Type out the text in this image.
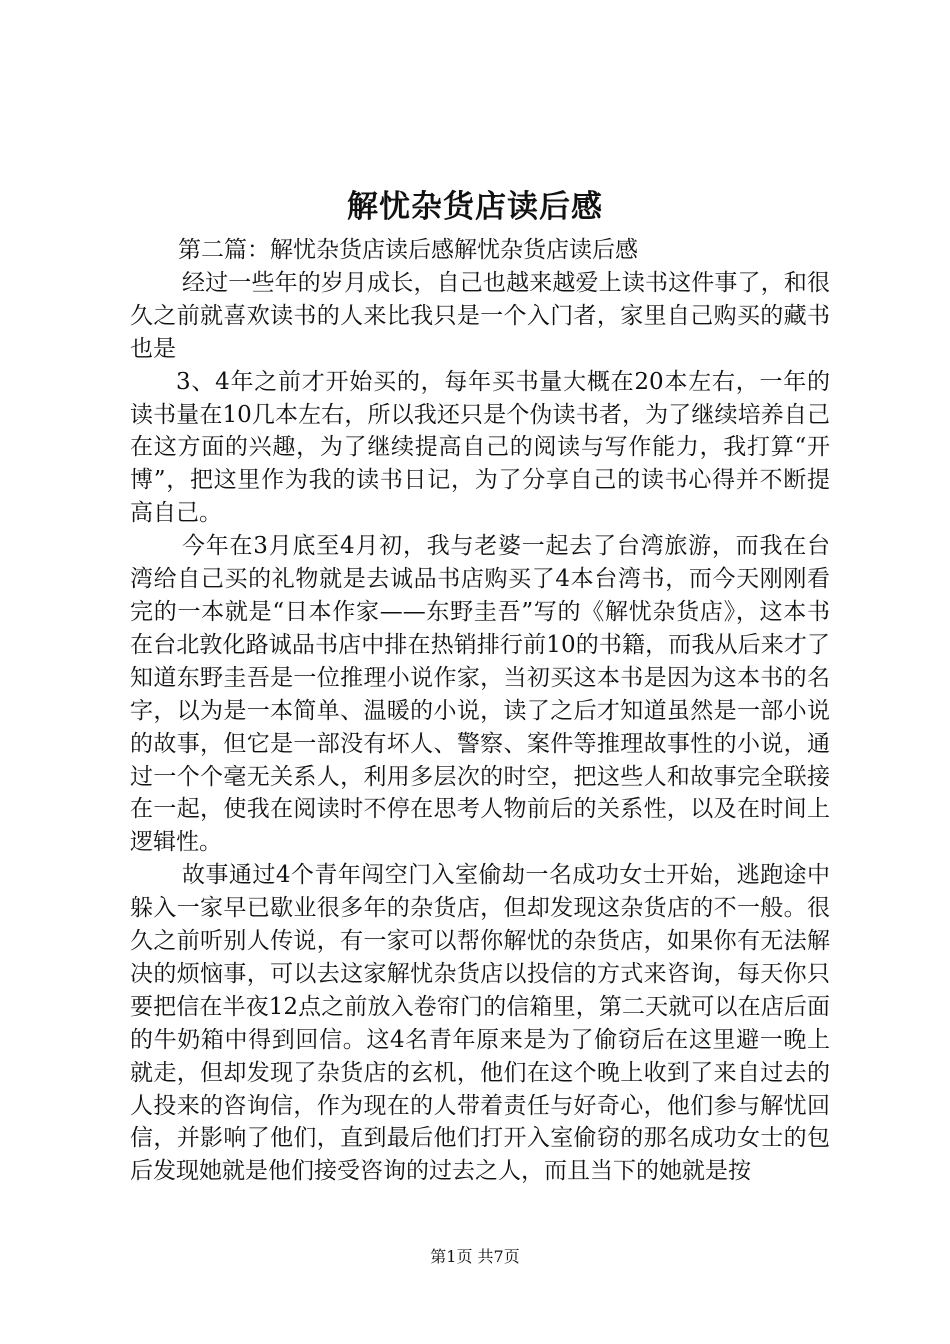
解忧杂货店读后感

第二篇：解忧杂货店读后感解忧杂货店读后感

经过一些年的岁月成长，自己也越来越爱上读书这件事了，和很久之前就喜欢读书的人来比我只是一个入门者，家里自己购买的藏书也是

3、4年之前才开始买的，每年买书量大概在20本左右，一年的读书量在10几本左右，所以我还只是个伪读书者，为了继续培养自己在这方面的兴趣，为了继续提高自己的阅读与写作能力，我打算“开博”，把这里作为我的读书日记，为了分享自己的读书心得并不断提高自己。

今年在3月底至4月初，我与老婆一起去了台湾旅游，而我在台湾给自己买的礼物就是去诚品书店购买了4本台湾书，而今天刚刚看完的一本就是“日本作家——东野圭吾”写的《解忧杂货店》，这本书在台北敦化路诚品书店中排在热销排行前10的书籍，而我从后来才了知道东野圭吾是一位推理小说作家，当初买这本书是因为这本书的名字，以为是一本简单、温暖的小说，读了之后才知道虽然是一部小说的故事，但它是一部没有坏人、警察、案件等推理故事性的小说，通过一个个毫无关系人，利用多层次的时空，把这些人和故事完全联接在一起，使我在阅读时不停在思考人物前后的关系性，以及在时间上逻辑性。

故事通过4个青年闯空门入室偷劫一名成功女士开始，逃跑途中躲入一家早已歇业很多年的杂货店，但却发现这杂货店的不一般。很久之前听别人传说，有一家可以帮你解忧的杂货店，如果你有无法解决的烦恼事，可以去这家解忧杂货店以投信的方式来咨询，每天你只要把信在半夜12点之前放入卷帘门的信箱里，第二天就可以在店后面的牛奶箱中得到回信。这4名青年原来是为了偷窃后在这里避一晚上就走，但却发现了杂货店的玄机，他们在这个晚上收到了来自过去的人投来的咨询信，作为现在的人带着责任与好奇心，他们参与解忧回信，并影响了他们，直到最后他们打开入室偷窃的那名成功女士的包后发现她就是他们接受咨询的过去之人，而且当下的她就是按

第1页 共7页
